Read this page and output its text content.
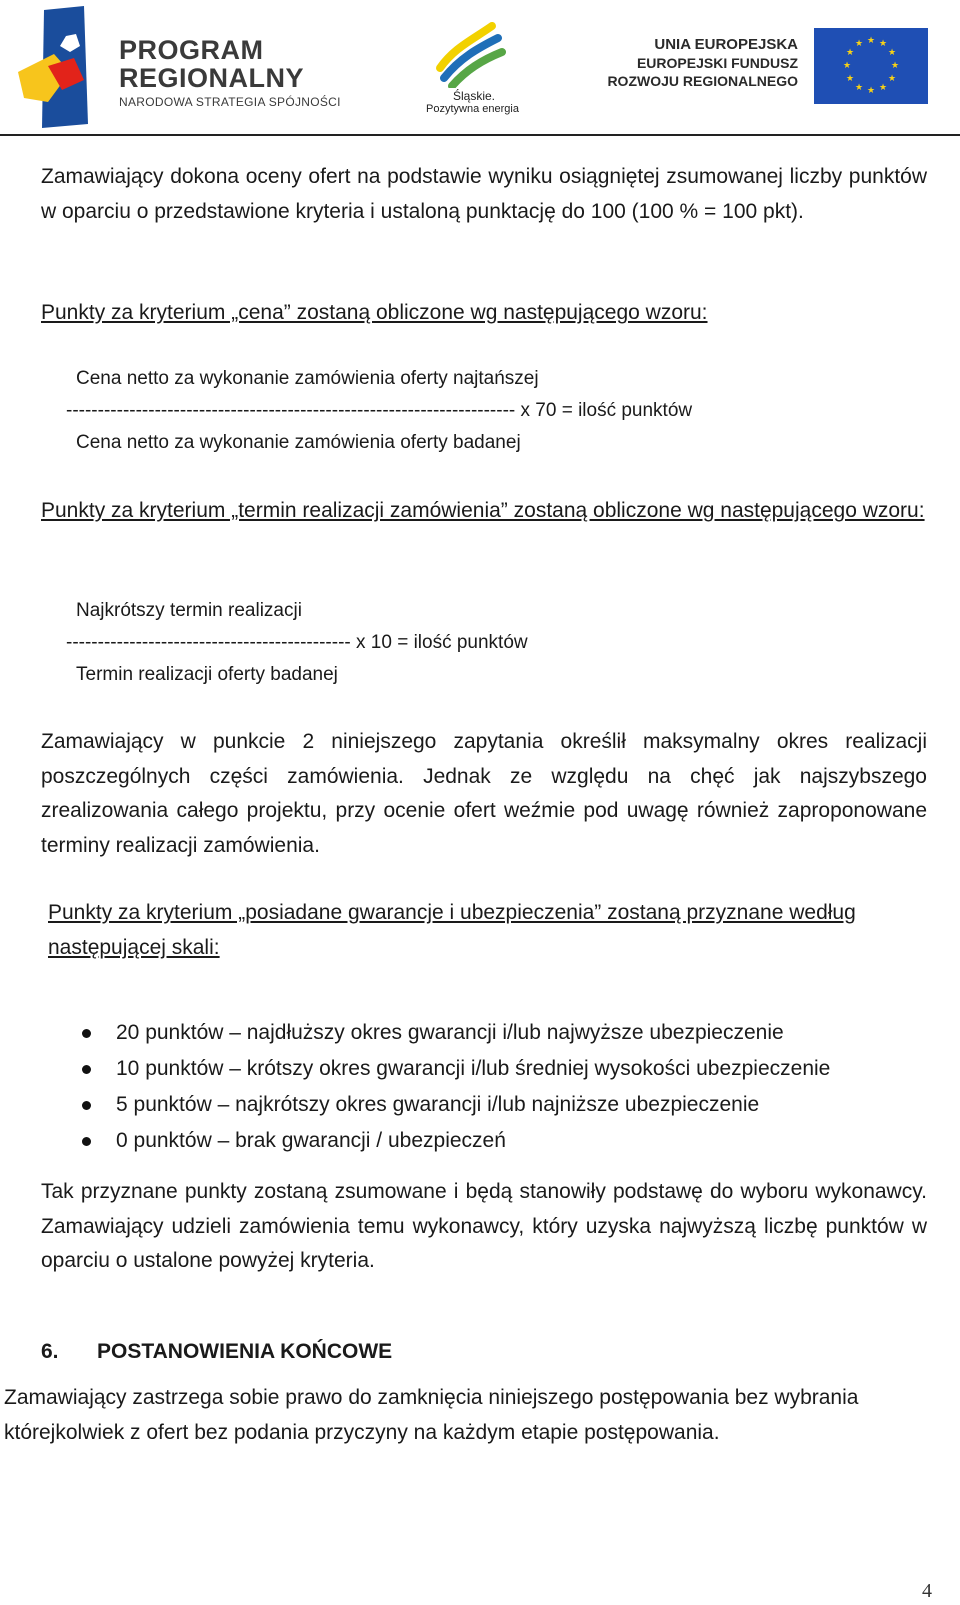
PROGRAM
REGIONALNY
NARODOWA STRATEGIA SPÓJNOŚCI	Śląskie.
Pozytywna energia
UNIA EUROPEJSKA
EUROPEJSKI FUNDUSZ
ROZWOJU REGIONALNEGO
★ ★
★
★
★
★
★
★
★
★
★
★

Zamawiający dokona oceny ofert na podstawie wyniku osiągniętej zsumowanej liczby punktów w oparciu o przedstawione kryteria i ustaloną punktację do 100 (100 % = 100 pkt).

Punkty za kryterium „cena” zostaną obliczone wg następującego wzoru:

Cena netto za wykonanie zamówienia oferty najtańszej
----------------------------------------------------------------------- x 70 = ilość punktów
Cena netto za wykonanie zamówienia oferty badanej

Punkty za kryterium „termin realizacji zamówienia” zostaną obliczone wg następującego wzoru:

Najkrótszy termin realizacji
--------------------------------------------- x 10 = ilość punktów
Termin realizacji oferty badanej

Zamawiający w punkcie 2 niniejszego zapytania określił maksymalny okres realizacji poszczególnych części zamówienia. Jednak ze względu na chęć jak najszybszego zrealizowania całego projektu, przy ocenie ofert weźmie pod uwagę również zaproponowane terminy realizacji zamówienia.

Punkty za kryterium „posiadane gwarancje i ubezpieczenia” zostaną przyznane według następującej skali:

20 punktów – najdłuższy okres gwarancji i/lub najwyższe ubezpieczenie
10 punktów – krótszy okres gwarancji i/lub średniej wysokości ubezpieczenie
5 punktów – najkrótszy okres gwarancji i/lub najniższe ubezpieczenie
0 punktów – brak gwarancji / ubezpieczeń

Tak przyznane punkty zostaną zsumowane i będą stanowiły podstawę do wyboru wykonawcy. Zamawiający udzieli zamówienia temu wykonawcy, który uzyska najwyższą liczbę punktów w oparciu o ustalone powyżej kryteria.

6. POSTANOWIENIA KOŃCOWE

Zamawiający zastrzega sobie prawo do zamknięcia niniejszego postępowania bez wybrania którejkolwiek z ofert bez podania przyczyny na każdym etapie postępowania.

4
